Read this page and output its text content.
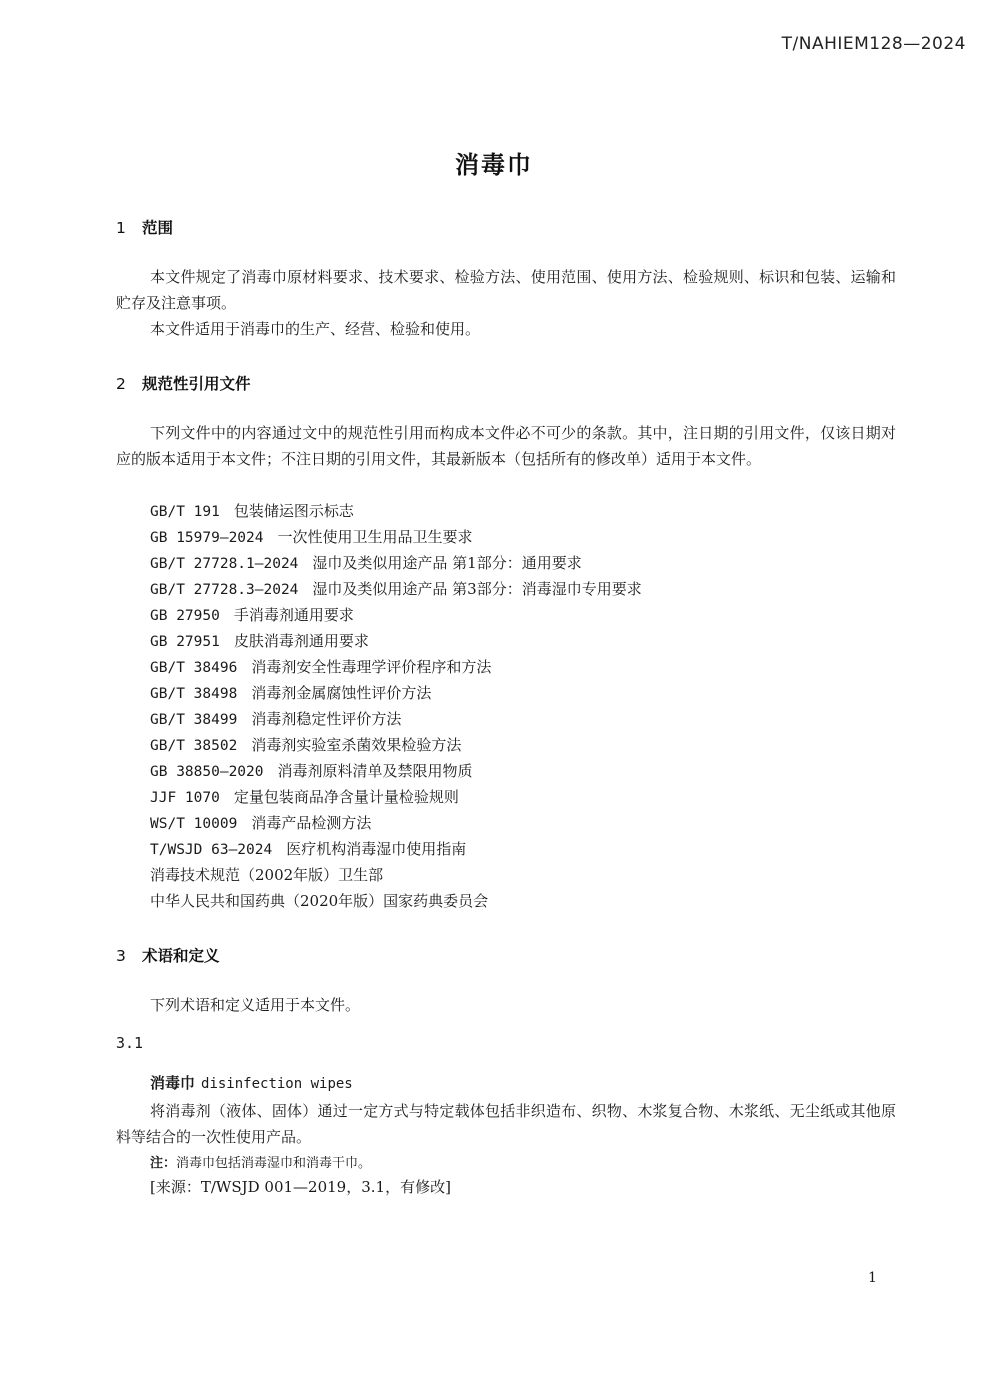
T/NAHIEM128—2024
消毒巾
1 范围

本文件规定了消毒巾原材料要求、技术要求、检验方法、使用范围、使用方法、检验规则、标识和包装、运输和贮存及注意事项。

本文件适用于消毒巾的生产、经营、检验和使用。

2 规范性引用文件

下列文件中的内容通过文中的规范性引用而构成本文件必不可少的条款。其中，注日期的引用文件，仅该日期对应的版本适用于本文件；不注日期的引用文件，其最新版本（包括所有的修改单）适用于本文件。

GB/T 191 包装储运图示标志
GB 15979—2024 一次性使用卫生用品卫生要求
GB/T 27728.1—2024 湿巾及类似用途产品 第1部分：通用要求
GB/T 27728.3—2024 湿巾及类似用途产品 第3部分：消毒湿巾专用要求
GB 27950 手消毒剂通用要求
GB 27951 皮肤消毒剂通用要求
GB/T 38496 消毒剂安全性毒理学评价程序和方法
GB/T 38498 消毒剂金属腐蚀性评价方法
GB/T 38499 消毒剂稳定性评价方法
GB/T 38502 消毒剂实验室杀菌效果检验方法
GB 38850—2020 消毒剂原料清单及禁限用物质
JJF 1070 定量包装商品净含量计量检验规则
WS/T 10009 消毒产品检测方法
T/WSJD 63—2024 医疗机构消毒湿巾使用指南
消毒技术规范（2002年版）卫生部
中华人民共和国药典（2020年版）国家药典委员会
3 术语和定义

下列术语和定义适用于本文件。

3.1
消毒巾 disinfection wipes

将消毒剂（液体、固体）通过一定方式与特定载体包括非织造布、织物、木浆复合物、木浆纸、无尘纸或其他原料等结合的一次性使用产品。

注：消毒巾包括消毒湿巾和消毒干巾。
[来源：T/WSJD 001—2019，3.1，有修改]
1
